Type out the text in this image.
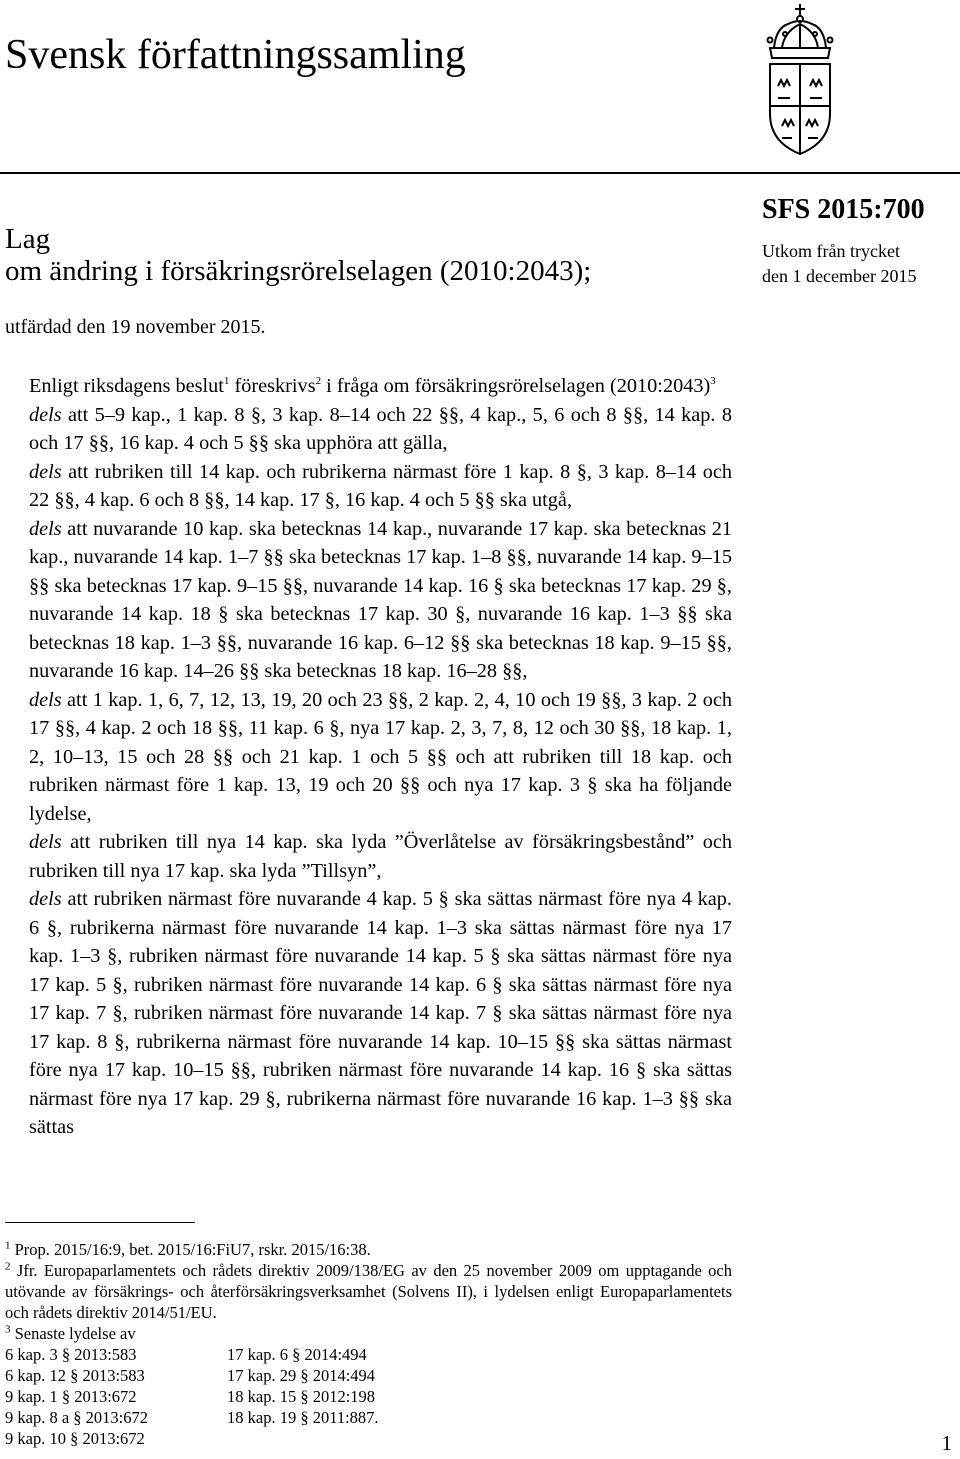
Svensk författningssamling
Lag
om ändring i försäkringsrörelselagen (2010:2043);
SFS 2015:700
Utkom från trycket
den 1 december 2015
utfärdad den 19 november 2015.

Enligt riksdagens beslut$^1$ föreskrivs$^2$ i fråga om försäkringsrörelselagen (2010:2043)$^3$

dels att 5–9 kap., 1 kap. 8 §, 3 kap. 8–14 och 22 §§, 4 kap., 5, 6 och 8 §§, 14 kap. 8 och 17 §§, 16 kap. 4 och 5 §§ ska upphöra att gälla,

dels att rubriken till 14 kap. och rubrikerna närmast före 1 kap. 8 §, 3 kap. 8–14 och 22 §§, 4 kap. 6 och 8 §§, 14 kap. 17 §, 16 kap. 4 och 5 §§ ska utgå,

dels att nuvarande 10 kap. ska betecknas 14 kap., nuvarande 17 kap. ska betecknas 21 kap., nuvarande 14 kap. 1–7 §§ ska betecknas 17 kap. 1–8 §§, nuvarande 14 kap. 9–15 §§ ska betecknas 17 kap. 9–15 §§, nuvarande 14 kap. 16 § ska betecknas 17 kap. 29 §, nuvarande 14 kap. 18 § ska betecknas 17 kap. 30 §, nuvarande 16 kap. 1–3 §§ ska betecknas 18 kap. 1–3 §§, nuvarande 16 kap. 6–12 §§ ska betecknas 18 kap. 9–15 §§, nuvarande 16 kap. 14–26 §§ ska betecknas 18 kap. 16–28 §§,

dels att 1 kap. 1, 6, 7, 12, 13, 19, 20 och 23 §§, 2 kap. 2, 4, 10 och 19 §§, 3 kap. 2 och 17 §§, 4 kap. 2 och 18 §§, 11 kap. 6 §, nya 17 kap. 2, 3, 7, 8, 12 och 30 §§, 18 kap. 1, 2, 10–13, 15 och 28 §§ och 21 kap. 1 och 5 §§ och att rubriken till 18 kap. och rubriken närmast före 1 kap. 13, 19 och 20 §§ och nya 17 kap. 3 § ska ha följande lydelse,

dels att rubriken till nya 14 kap. ska lyda ”Överlåtelse av försäkringsbestånd” och rubriken till nya 17 kap. ska lyda ”Tillsyn”,

dels att rubriken närmast före nuvarande 4 kap. 5 § ska sättas närmast före nya 4 kap. 6 §, rubrikerna närmast före nuvarande 14 kap. 1–3 ska sättas närmast före nya 17 kap. 1–3 §, rubriken närmast före nuvarande 14 kap. 5 § ska sättas närmast före nya 17 kap. 5 §, rubriken närmast före nuvarande 14 kap. 6 § ska sättas närmast före nya 17 kap. 7 §, rubriken närmast före nuvarande 14 kap. 7 § ska sättas närmast före nya 17 kap. 8 §, rubrikerna närmast före nuvarande 14 kap. 10–15 §§ ska sättas närmast före nya 17 kap. 10–15 §§, rubriken närmast före nuvarande 14 kap. 16 § ska sättas närmast före nya 17 kap. 29 §, rubrikerna närmast före nuvarande 16 kap. 1–3 §§ ska sättas

$^1$ Prop. 2015/16:9, bet. 2015/16:FiU7, rskr. 2015/16:38.

$^2$ Jfr. Europaparlamentets och rådets direktiv 2009/138/EG av den 25 november 2009 om upptagande och utövande av försäkrings- och återförsäkringsverksamhet (Solvens II), i lydelsen enligt Europaparlamentets och rådets direktiv 2014/51/EU.

$^3$ Senaste lydelse av

6 kap. 3 § 2013:583	17 kap. 6 § 2014:494
6 kap. 12 § 2013:583	17 kap. 29 § 2014:494
9 kap. 1 § 2013:672	18 kap. 15 § 2012:198
9 kap. 8 a § 2013:672	18 kap. 19 § 2011:887.
9 kap. 10 § 2013:672	1
